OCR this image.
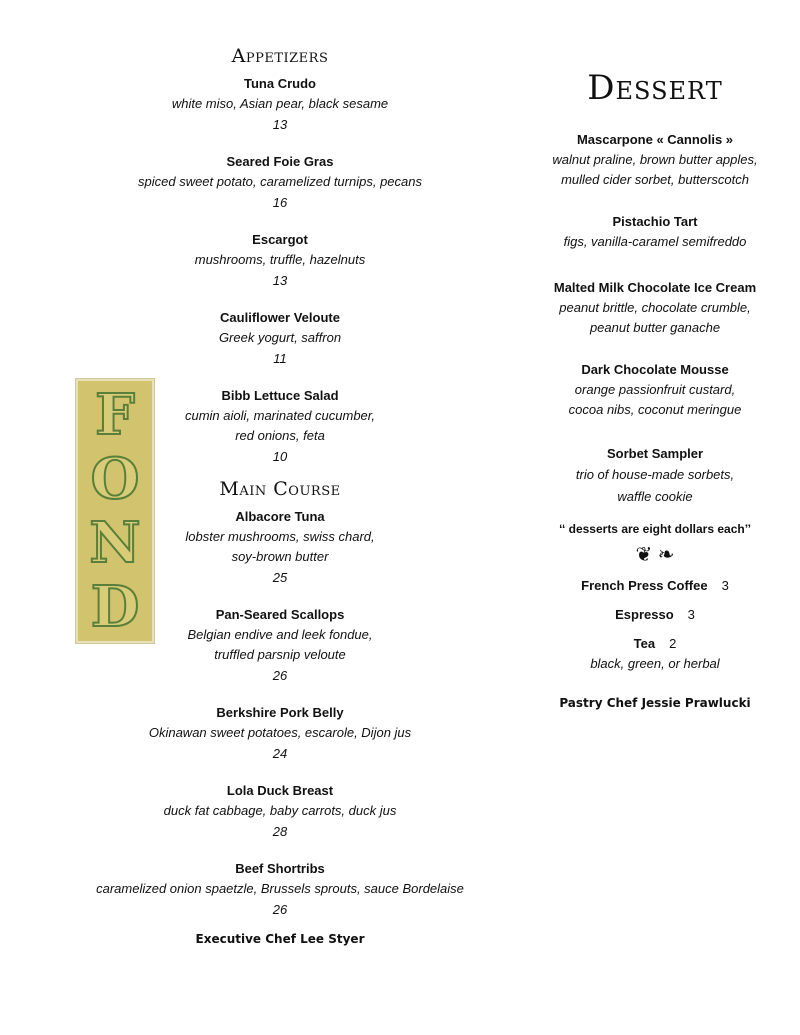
F
O
N
D
Appetizers
Tuna Crudo
white miso, Asian pear, black sesame
13
Seared Foie Gras
spiced sweet potato, caramelized turnips, pecans
16
Escargot
mushrooms, truffle, hazelnuts
13
Cauliflower Veloute
Greek yogurt, saffron
11
Bibb Lettuce Salad
cumin aioli, marinated cucumber,
red onions, feta
10
Main Course
Albacore Tuna
lobster mushrooms, swiss chard,
soy-brown butter
25
Pan-Seared Scallops
Belgian endive and leek fondue,
truffled parsnip veloute
26
Berkshire Pork Belly
Okinawan sweet potatoes, escarole, Dijon jus
24
Lola Duck Breast
duck fat cabbage, baby carrots, duck jus
28
Beef Shortribs
caramelized onion spaetzle, Brussels sprouts, sauce Bordelaise
26
Executive Chef Lee Styer
Dessert
Mascarpone « Cannolis »
walnut praline, brown butter apples,
mulled cider sorbet, butterscotch
Pistachio Tart
figs, vanilla-caramel semifreddo
Malted Milk Chocolate Ice Cream
peanut brittle, chocolate crumble,
peanut butter ganache
Dark Chocolate Mousse
orange passionfruit custard,
cocoa nibs, coconut meringue
Sorbet Sampler
trio of house-made sorbets,
waffle cookie
‘‘ desserts are eight dollars each’’
❦ ❧
French Press Coffee 3
Espresso 3
Tea 2
black, green, or herbal
Pastry Chef Jessie Prawlucki
